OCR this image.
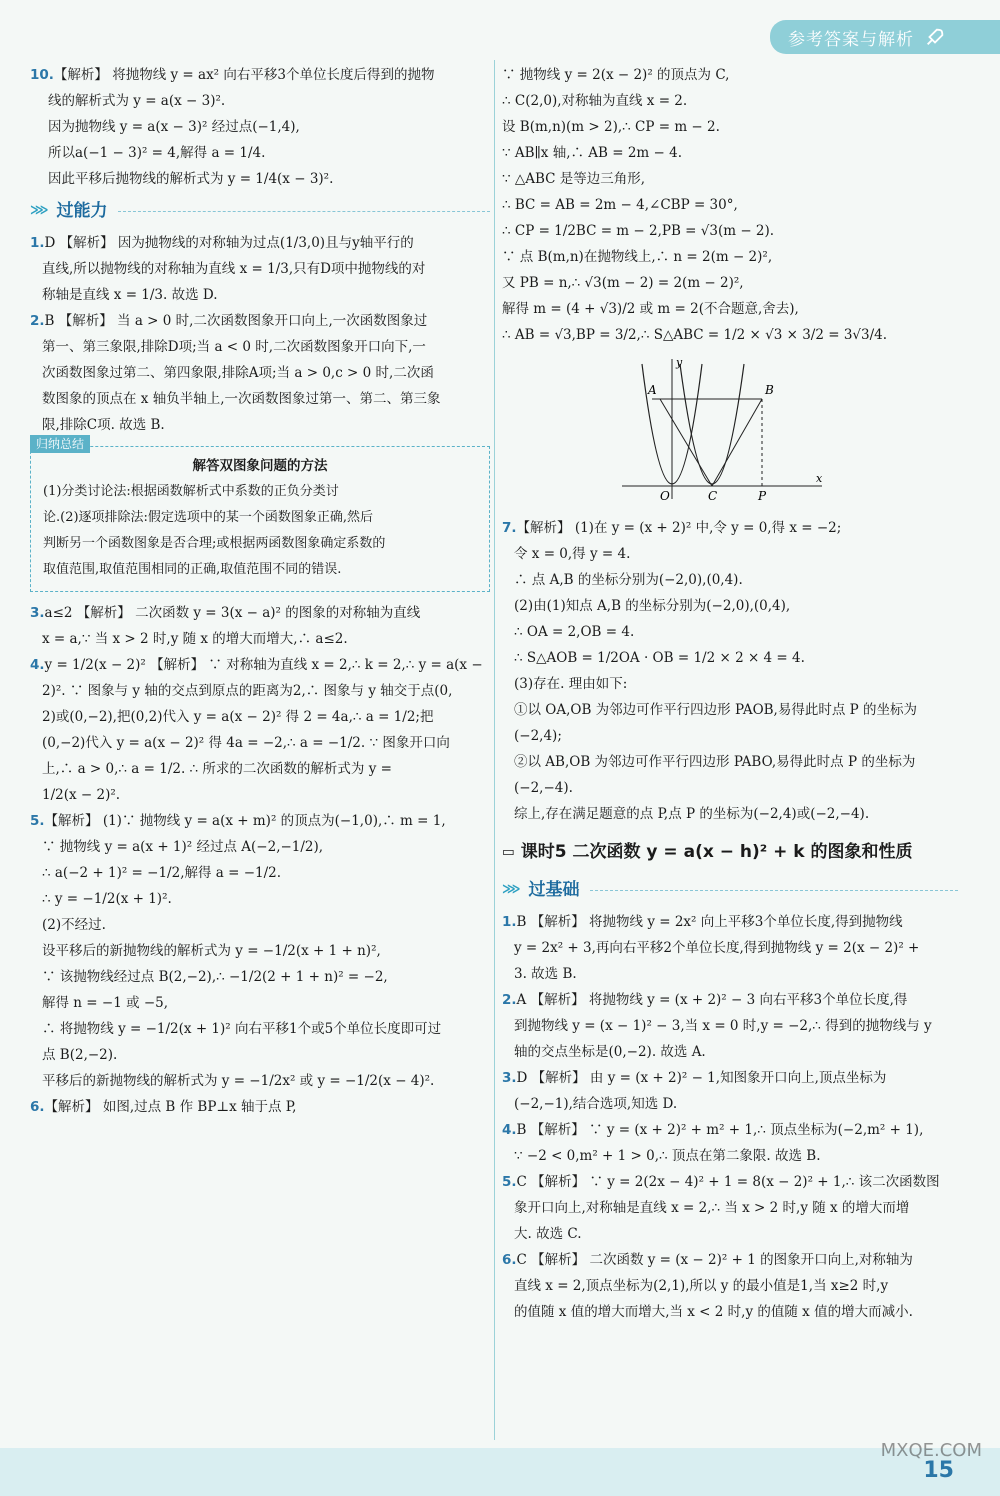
参考答案与解析

10.【解析】 将抛物线 y = ax² 向右平移3个单位长度后得到的抛物

线的解析式为 y = a(x − 3)².

因为抛物线 y = a(x − 3)² 经过点(−1,4),

所以a(−1 − 3)² = 4,解得 a = 1/4.

因此平移后抛物线的解析式为 y = 1/4(x − 3)².

⋙ 过能力

1.D 【解析】 因为抛物线的对称轴为过点(1/3,0)且与y轴平行的

直线,所以抛物线的对称轴为直线 x = 1/3,只有D项中抛物线的对

称轴是直线 x = 1/3. 故选 D.

2.B 【解析】 当 a > 0 时,二次函数图象开口向上,一次函数图象过

第一、第三象限,排除D项;当 a < 0 时,二次函数图象开口向下,一

次函数图象过第二、第四象限,排除A项;当 a > 0,c > 0 时,二次函

数图象的顶点在 x 轴负半轴上,一次函数图象过第一、第二、第三象

限,排除C项. 故选 B.

归纳总结
解答双图象问题的方法

(1)分类讨论法:根据函数解析式中系数的正负分类讨

论.(2)逐项排除法:假定选项中的某一个函数图象正确,然后

判断另一个函数图象是否合理;或根据两函数图象确定系数的

取值范围,取值范围相同的正确,取值范围不同的错误.

3.a≤2 【解析】 二次函数 y = 3(x − a)² 的图象的对称轴为直线

x = a,∵ 当 x > 2 时,y 随 x 的增大而增大,∴ a≤2.

4.y = 1/2(x − 2)² 【解析】 ∵ 对称轴为直线 x = 2,∴ k = 2,∴ y = a(x −

2)². ∵ 图象与 y 轴的交点到原点的距离为2,∴ 图象与 y 轴交于点(0,

2)或(0,−2),把(0,2)代入 y = a(x − 2)² 得 2 = 4a,∴ a = 1/2;把

(0,−2)代入 y = a(x − 2)² 得 4a = −2,∴ a = −1/2. ∵ 图象开口向

上,∴ a > 0,∴ a = 1/2. ∴ 所求的二次函数的解析式为 y =

1/2(x − 2)².

5.【解析】 (1)∵ 抛物线 y = a(x + m)² 的顶点为(−1,0),∴ m = 1,

∵ 抛物线 y = a(x + 1)² 经过点 A(−2,−1/2),

∴ a(−2 + 1)² = −1/2,解得 a = −1/2.

∴ y = −1/2(x + 1)².

(2)不经过.

设平移后的新抛物线的解析式为 y = −1/2(x + 1 + n)²,

∵ 该抛物线经过点 B(2,−2),∴ −1/2(2 + 1 + n)² = −2,

解得 n = −1 或 −5,

∴ 将抛物线 y = −1/2(x + 1)² 向右平移1个或5个单位长度即可过

点 B(2,−2).

平移后的新抛物线的解析式为 y = −1/2x² 或 y = −1/2(x − 4)².

6.【解析】 如图,过点 B 作 BP⊥x 轴于点 P,

∵ 抛物线 y = 2(x − 2)² 的顶点为 C,

∴ C(2,0),对称轴为直线 x = 2.

设 B(m,n)(m > 2),∴ CP = m − 2.

∵ AB∥x 轴,∴ AB = 2m − 4.

∵ △ABC 是等边三角形,

∴ BC = AB = 2m − 4,∠CBP = 30°,

∴ CP = 1/2BC = m − 2,PB = √3(m − 2).

∵ 点 B(m,n)在抛物线上,∴ n = 2(m − 2)²,

又 PB = n,∴ √3(m − 2) = 2(m − 2)²,

解得 m = (4 + √3)/2 或 m = 2(不合题意,舍去),

∴ AB = √3,BP = 3/2,∴ S△ABC = 1/2 × √3 × 3/2 = 3√3/4.

A	B
O	C	P
x
y

7.【解析】 (1)在 y = (x + 2)² 中,令 y = 0,得 x = −2;

令 x = 0,得 y = 4.

∴ 点 A,B 的坐标分别为(−2,0),(0,4).

(2)由(1)知点 A,B 的坐标分别为(−2,0),(0,4),

∴ OA = 2,OB = 4.

∴ S△AOB = 1/2OA · OB = 1/2 × 2 × 4 = 4.

(3)存在. 理由如下:

①以 OA,OB 为邻边可作平行四边形 PAOB,易得此时点 P 的坐标为

(−2,4);

②以 AB,OB 为邻边可作平行四边形 PABO,易得此时点 P 的坐标为

(−2,−4).

综上,存在满足题意的点 P,点 P 的坐标为(−2,4)或(−2,−4).

▭ 课时5 二次函数 y = a(x − h)² + k 的图象和性质
⋙ 过基础

1.B 【解析】 将抛物线 y = 2x² 向上平移3个单位长度,得到抛物线

y = 2x² + 3,再向右平移2个单位长度,得到抛物线 y = 2(x − 2)² +

3. 故选 B.

2.A 【解析】 将抛物线 y = (x + 2)² − 3 向右平移3个单位长度,得

到抛物线 y = (x − 1)² − 3,当 x = 0 时,y = −2,∴ 得到的抛物线与 y

轴的交点坐标是(0,−2). 故选 A.

3.D 【解析】 由 y = (x + 2)² − 1,知图象开口向上,顶点坐标为

(−2,−1),结合选项,知选 D.

4.B 【解析】 ∵ y = (x + 2)² + m² + 1,∴ 顶点坐标为(−2,m² + 1),

∵ −2 < 0,m² + 1 > 0,∴ 顶点在第二象限. 故选 B.

5.C 【解析】 ∵ y = 2(2x − 4)² + 1 = 8(x − 2)² + 1,∴ 该二次函数图

象开口向上,对称轴是直线 x = 2,∴ 当 x > 2 时,y 随 x 的增大而增

大. 故选 C.

6.C 【解析】 二次函数 y = (x − 2)² + 1 的图象开口向上,对称轴为

直线 x = 2,顶点坐标为(2,1),所以 y 的最小值是1,当 x≥2 时,y

的值随 x 值的增大而增大,当 x < 2 时,y 的值随 x 值的增大而减小.

15
MXQE.COM
